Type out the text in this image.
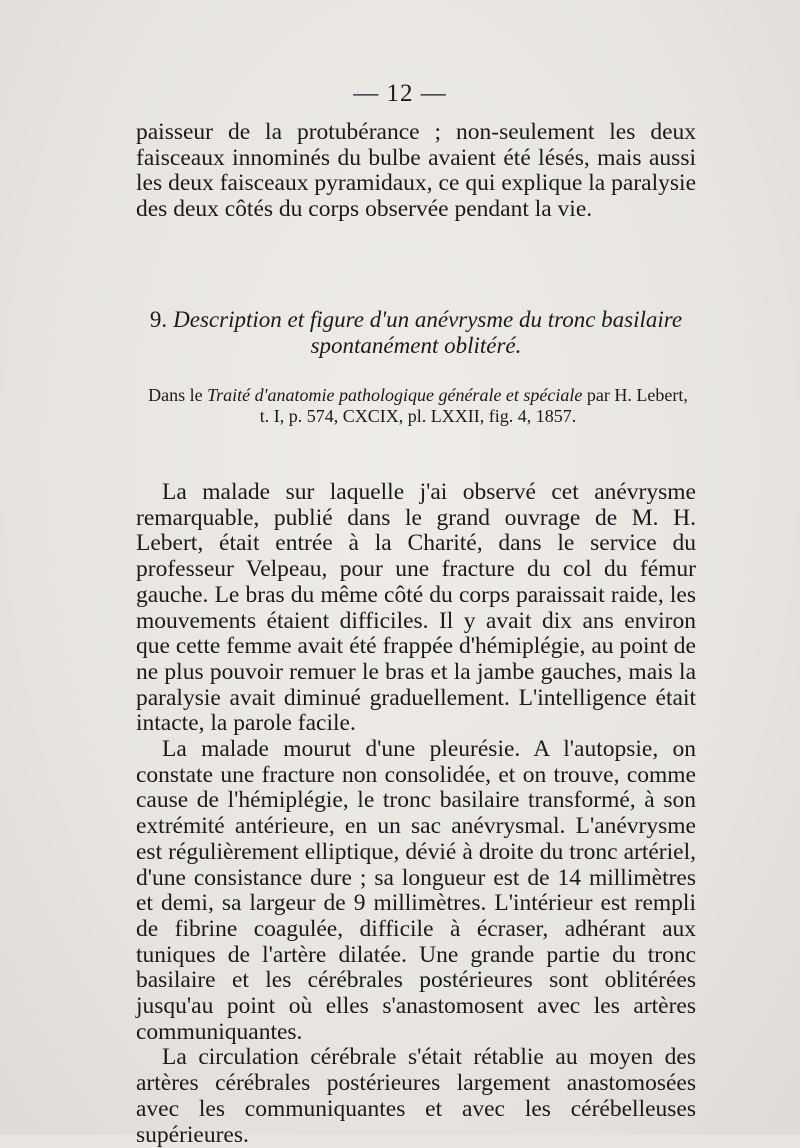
— 12 —

paisseur de la protubérance ; non-seulement les deux faisceaux innominés du bulbe avaient été lésés, mais aussi les deux faisceaux pyramidaux, ce qui explique la paralysie des deux côtés du corps observée pendant la vie.

9. Description et figure d'un anévrysme du tronc basilaire
spontanément oblitéré.
Dans le Traité d'anatomie pathologique générale et spéciale par H. Lebert,
t. I, p. 574, CXCIX, pl. LXXII, fig. 4, 1857.

La malade sur laquelle j'ai observé cet anévrysme remarquable, publié dans le grand ouvrage de M. H. Lebert, était entrée à la Charité, dans le service du professeur Velpeau, pour une fracture du col du fémur gauche. Le bras du même côté du corps paraissait raide, les mouvements étaient difficiles. Il y avait dix ans environ que cette femme avait été frappée d'hémiplégie, au point de ne plus pouvoir remuer le bras et la jambe gauches, mais la paralysie avait diminué graduellement. L'intelligence était intacte, la parole facile.

La malade mourut d'une pleurésie. A l'autopsie, on constate une fracture non consolidée, et on trouve, comme cause de l'hémiplégie, le tronc basilaire transformé, à son extrémité antérieure, en un sac anévrysmal. L'anévrysme est régulièrement elliptique, dévié à droite du tronc artériel, d'une consistance dure ; sa longueur est de 14 millimètres et demi, sa largeur de 9 millimètres. L'intérieur est rempli de fibrine coagulée, difficile à écraser, adhérant aux tuniques de l'artère dilatée. Une grande partie du tronc basilaire et les cérébrales postérieures sont oblitérées jusqu'au point où elles s'anastomosent avec les artères communiquantes.

La circulation cérébrale s'était rétablie au moyen des artères cérébrales postérieures largement anastomosées avec les communiquantes et avec les cérébelleuses supérieures.
